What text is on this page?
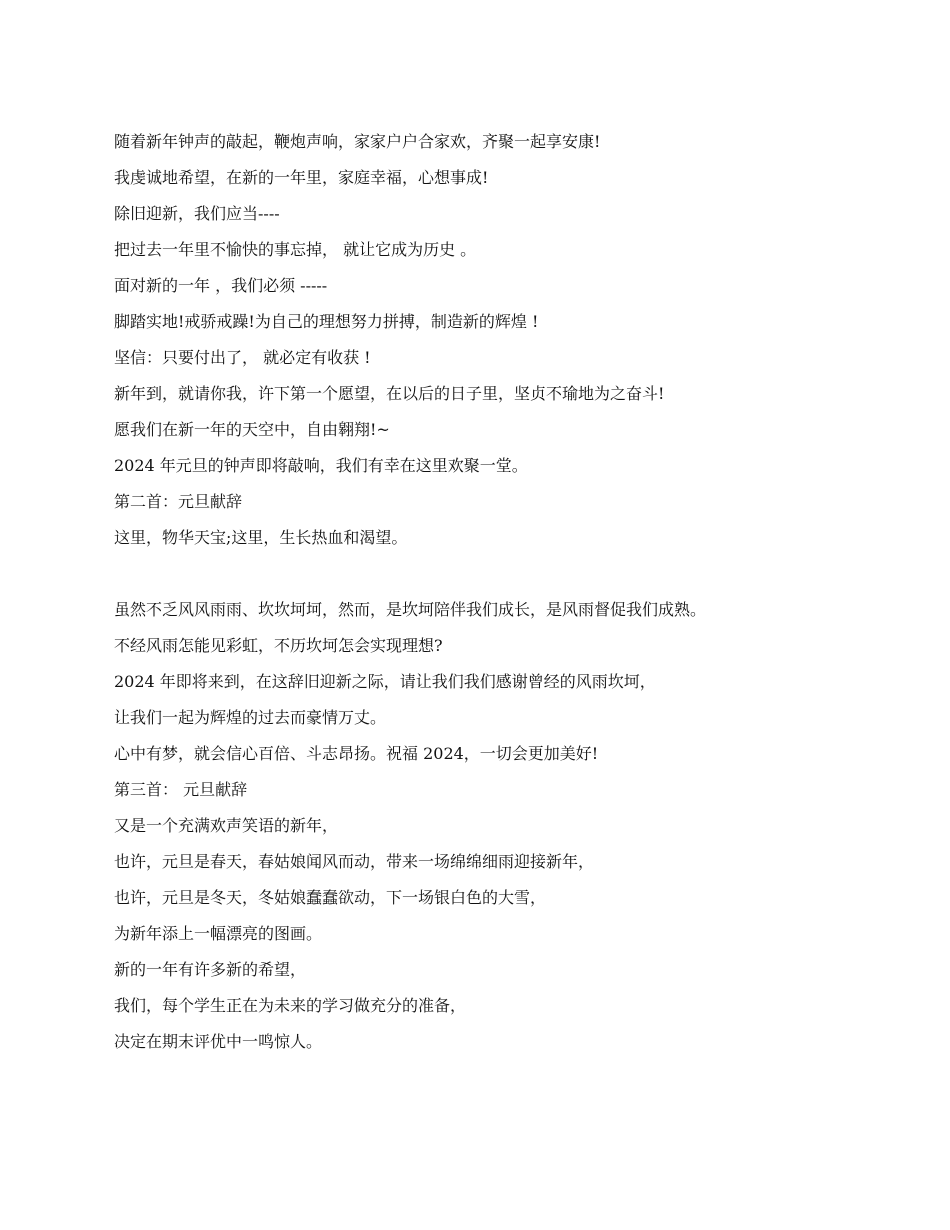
随着新年钟声的敲起，鞭炮声响，家家户户合家欢，齐聚一起享安康!
我虔诚地希望，在新的一年里，家庭幸福，心想事成!
除旧迎新，我们应当----
把过去一年里不愉快的事忘掉， 就让它成为历史 。
面对新的一年 ，我们必须 -----
脚踏实地!戒骄戒躁!为自己的理想努力拼搏，制造新的辉煌 !
坚信：只要付出了， 就必定有收获 !
新年到，就请你我，许下第一个愿望，在以后的日子里，坚贞不瑜地为之奋斗!
愿我们在新一年的天空中，自由翱翔!~
2024 年元旦的钟声即将敲响，我们有幸在这里欢聚一堂。
第二首：元旦献辞
这里，物华天宝;这里，生长热血和渴望。
虽然不乏风风雨雨、坎坎坷坷，然而，是坎坷陪伴我们成长，是风雨督促我们成熟。
不经风雨怎能见彩虹，不历坎坷怎会实现理想?
2024 年即将来到，在这辞旧迎新之际，请让我们我们感谢曾经的风雨坎坷，
让我们一起为辉煌的过去而豪情万丈。
心中有梦，就会信心百倍、斗志昂扬。祝福 2024，一切会更加美好!
第三首： 元旦献辞
又是一个充满欢声笑语的新年，
也许，元旦是春天，春姑娘闻风而动，带来一场绵绵细雨迎接新年，
也许，元旦是冬天，冬姑娘蠢蠢欲动，下一场银白色的大雪，
为新年添上一幅漂亮的图画。
新的一年有许多新的希望，
我们，每个学生正在为未来的学习做充分的准备，
决定在期末评优中一鸣惊人。
